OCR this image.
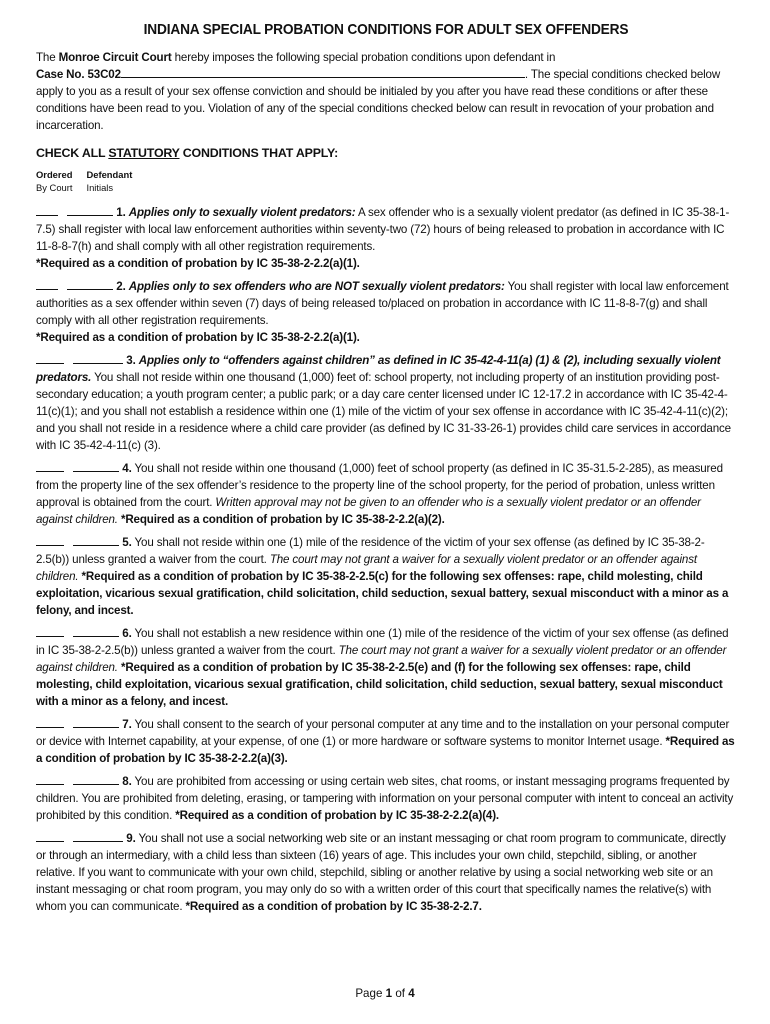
INDIANA SPECIAL PROBATION CONDITIONS FOR ADULT SEX OFFENDERS

The Monroe Circuit Court hereby imposes the following special probation conditions upon defendant in
Case No. 53C02	. The special conditions checked below apply to you as a result of your sex offense conviction and should be initialed by you after you have read these conditions or after these conditions have been read to you. Violation of any of the special conditions checked below can result in revocation of your probation and incarceration.

CHECK ALL STATUTORY CONDITIONS THAT APPLY:
Ordered
By Court
Defendant
Initials

1. Applies only to sexually violent predators: A sex offender who is a sexually violent predator (as defined in IC 35-38-1-7.5) shall register with local law enforcement authorities within seventy-two (72) hours of being released to probation in accordance with IC 11-8-8-7(h) and shall comply with all other registration requirements.
*Required as a condition of probation by IC 35-38-2-2.2(a)(1).

2. Applies only to sex offenders who are NOT sexually violent predators: You shall register with local law enforcement authorities as a sex offender within seven (7) days of being released to/placed on probation in accordance with IC 11-8-8-7(g) and shall comply with all other registration requirements.
*Required as a condition of probation by IC 35-38-2-2.2(a)(1).

3. Applies only to “offenders against children” as defined in IC 35-42-4-11(a) (1) & (2), including sexually violent predators. You shall not reside within one thousand (1,000) feet of: school property, not including property of an institution providing post-secondary education; a youth program center; a public park; or a day care center licensed under IC 12-17.2 in accordance with IC 35-42-4-11(c)(1); and you shall not establish a residence within one (1) mile of the victim of your sex offense in accordance with IC 35-42-4-11(c)(2); and you shall not reside in a residence where a child care provider (as defined by IC 31-33-26-1) provides child care services in accordance with IC 35-42-4-11(c) (3).

4. You shall not reside within one thousand (1,000) feet of school property (as defined in IC 35-31.5-2-285), as measured from the property line of the sex offender’s residence to the property line of the school property, for the period of probation, unless written approval is obtained from the court. Written approval may not be given to an offender who is a sexually violent predator or an offender against children. *Required as a condition of probation by IC 35-38-2-2.2(a)(2).

5. You shall not reside within one (1) mile of the residence of the victim of your sex offense (as defined by IC 35-38-2-2.5(b)) unless granted a waiver from the court. The court may not grant a waiver for a sexually violent predator or an offender against children. *Required as a condition of probation by IC 35-38-2-2.5(c) for the following sex offenses: rape, child molesting, child exploitation, vicarious sexual gratification, child solicitation, child seduction, sexual battery, sexual misconduct with a minor as a felony, and incest.

6. You shall not establish a new residence within one (1) mile of the residence of the victim of your sex offense (as defined in IC 35-38-2-2.5(b)) unless granted a waiver from the court. The court may not grant a waiver for a sexually violent predator or an offender against children. *Required as a condition of probation by IC 35-38-2-2.5(e) and (f) for the following sex offenses: rape, child molesting, child exploitation, vicarious sexual gratification, child solicitation, child seduction, sexual battery, sexual misconduct with a minor as a felony, and incest.

7. You shall consent to the search of your personal computer at any time and to the installation on your personal computer or device with Internet capability, at your expense, of one (1) or more hardware or software systems to monitor Internet usage. *Required as a condition of probation by IC 35-38-2-2.2(a)(3).

8. You are prohibited from accessing or using certain web sites, chat rooms, or instant messaging programs frequented by children. You are prohibited from deleting, erasing, or tampering with information on your personal computer with intent to conceal an activity prohibited by this condition. *Required as a condition of probation by IC 35-38-2-2.2(a)(4).

9. You shall not use a social networking web site or an instant messaging or chat room program to communicate, directly or through an intermediary, with a child less than sixteen (16) years of age. This includes your own child, stepchild, sibling, or another relative. If you want to communicate with your own child, stepchild, sibling or another relative by using a social networking web site or an instant messaging or chat room program, you may only do so with a written order of this court that specifically names the relative(s) with whom you can communicate. *Required as a condition of probation by IC 35-38-2-2.7.

Page 1 of 4
